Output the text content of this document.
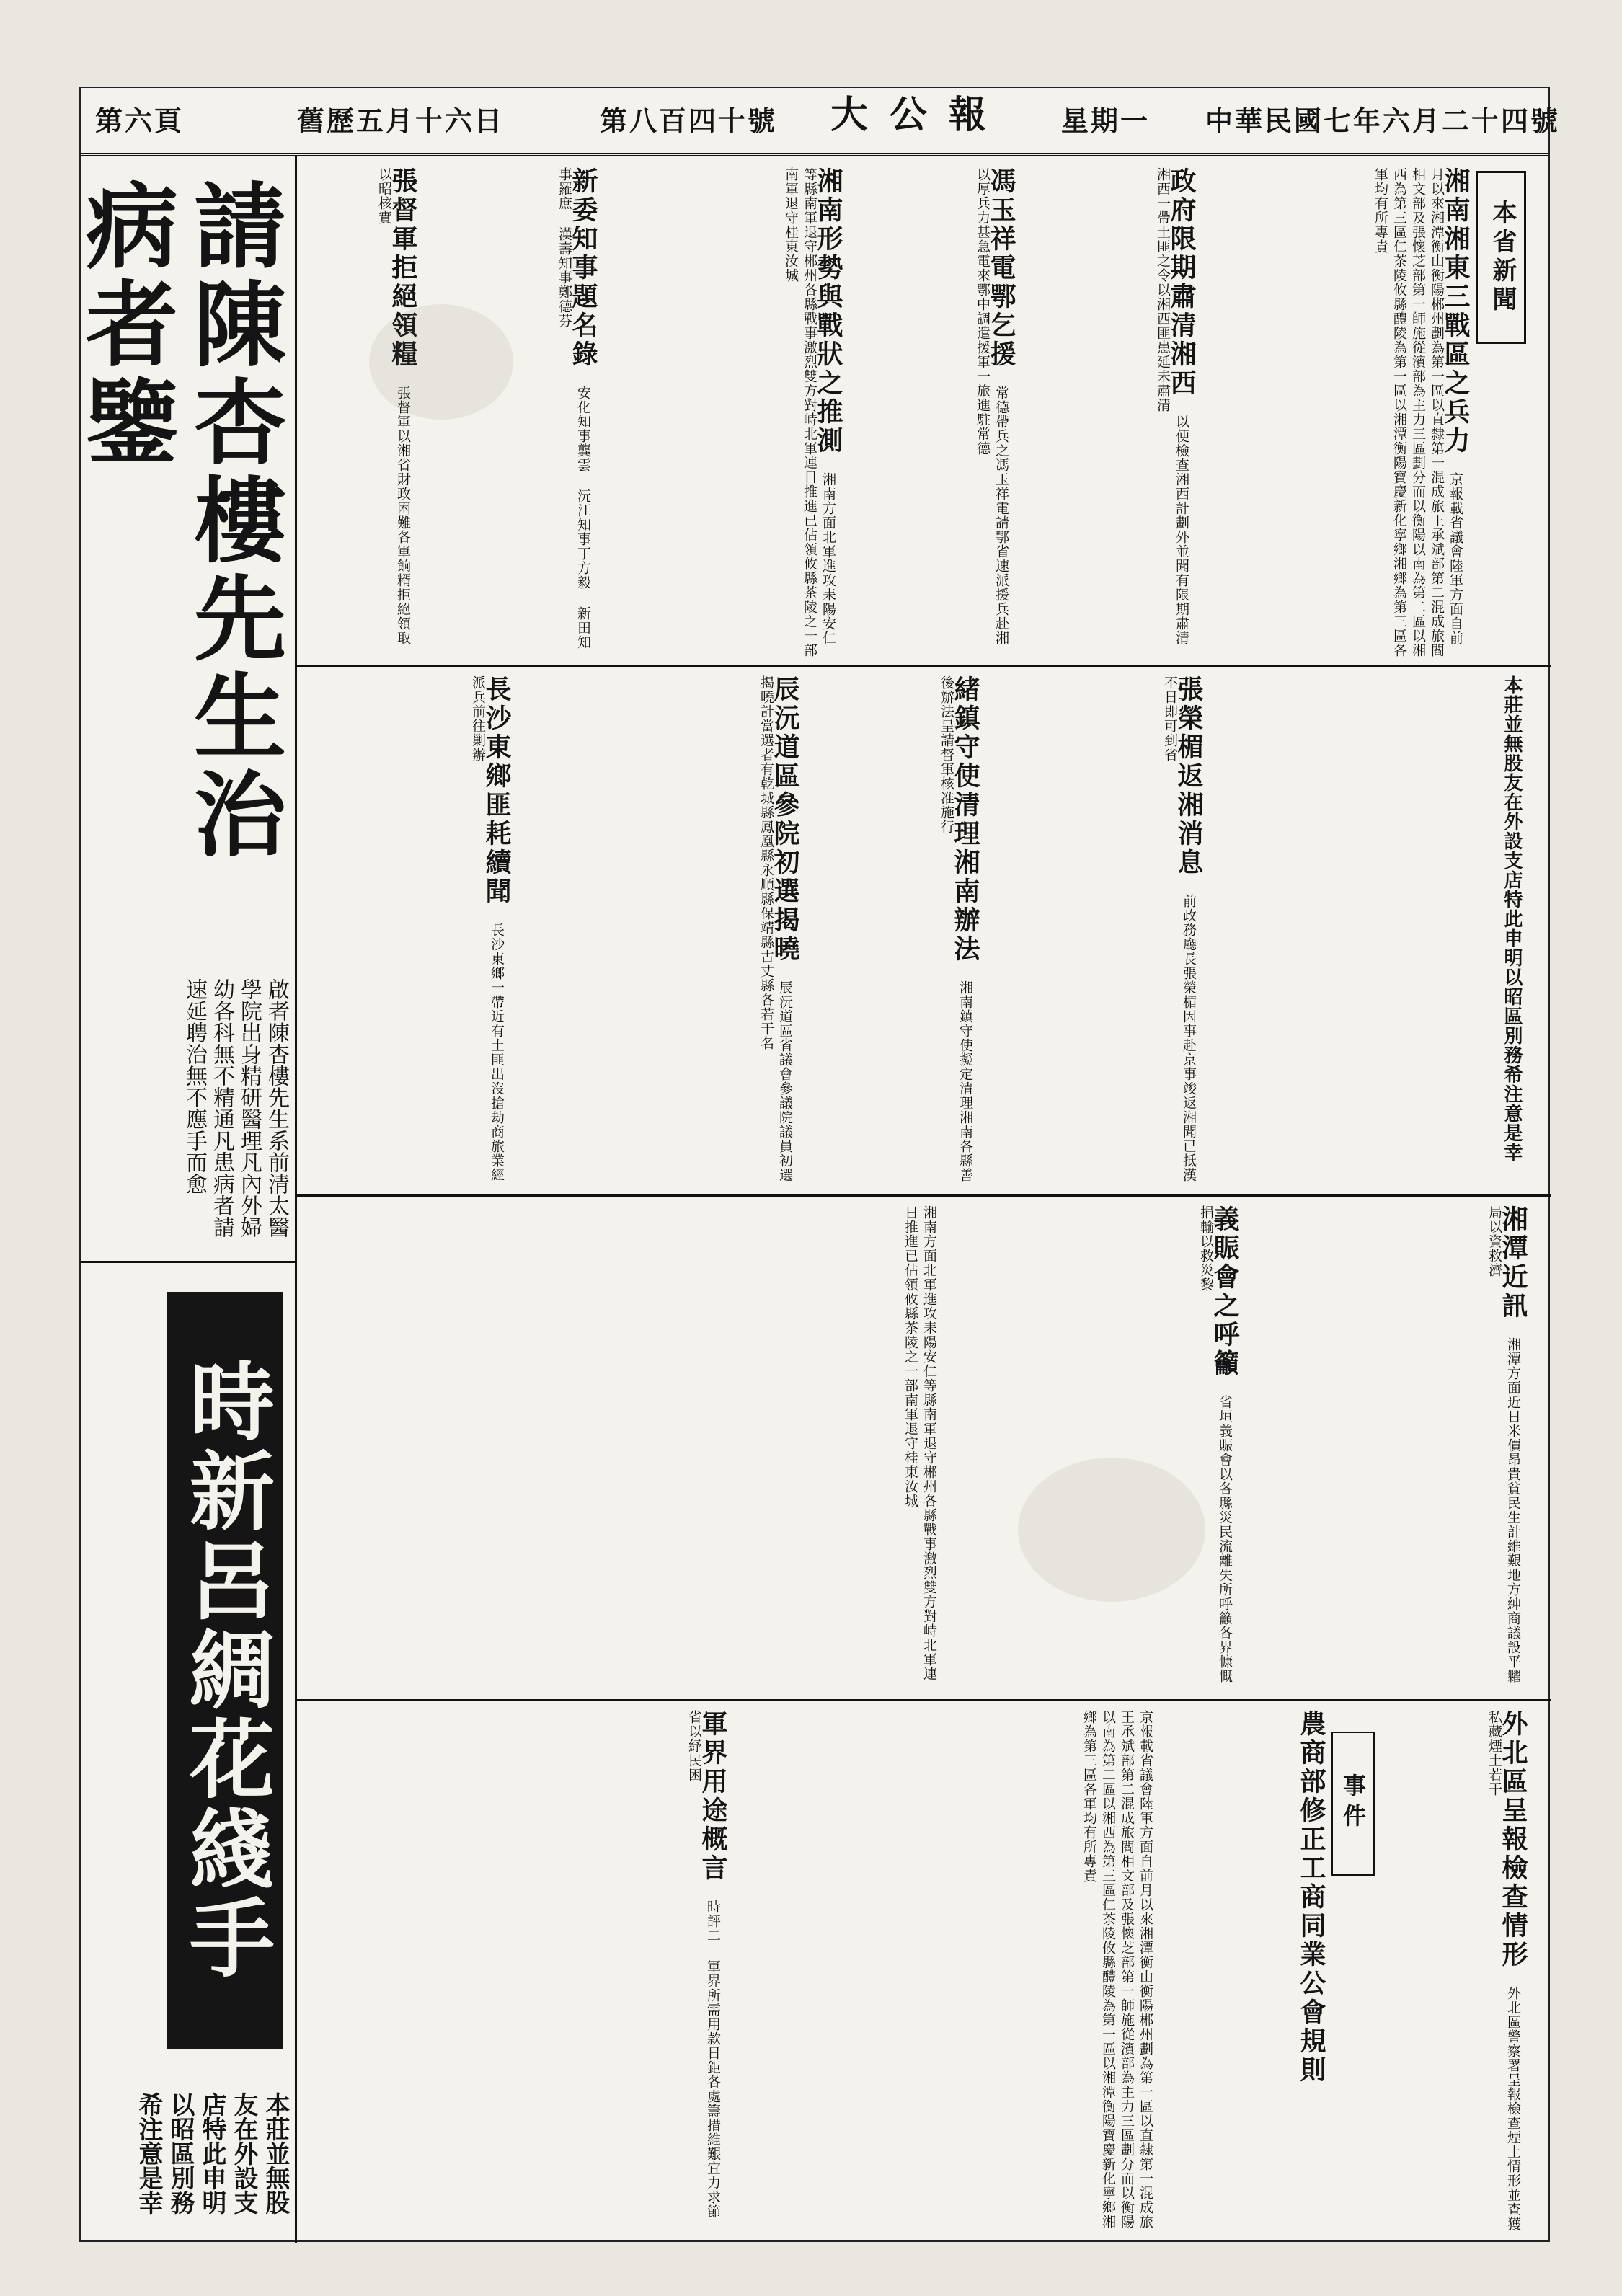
第六頁	舊歷五月十六日	第八百四十號 大公報 星期一 中華民國七年六月二十四號
請陳杏樓先生治病者鑒
啟者陳杏樓先生系前清太醫學院出身精研醫理凡內外婦幼各科無不精通凡患病者請速延聘治無不應手而愈
時新呂綢花綫手
本莊並無股友在外設支店特此申明以昭區別務希注意是幸
本省新聞
湘南湘東三戰區之兵力 京報載省議會陸軍方面自前月以來湘潭衡山衡陽郴州劃為第一區以直隸第一混成旅王承斌部第二混成旅閻相文部及張懷芝部第一師施從濱部為主力三區劃分而以衡陽以南為第二區以湘西為第三區仁茶陵攸縣醴陵為第一區以湘潭衡陽寶慶新化寧鄉湘鄉為第三區各軍均有所專責
政府限期肅清湘西 以便檢查湘西計劃外並聞有限期肅清湘西一帶土匪之令以湘西匪患延未肅清
馮玉祥電鄂乞援 常德帶兵之馮玉祥電請鄂省速派援兵赴湘以厚兵力甚急電來鄂中調遣援軍一旅進駐常德
湘南形勢與戰狀之推測 湘南方面北軍進攻耒陽安仁等縣南軍退守郴州各縣戰事激烈雙方對峙北軍連日推進已佔領攸縣茶陵之一部南軍退守桂東汝城
新委知事題名錄 安化知事龔雲 沅江知事丁方毅 新田知事羅庶 漢壽知事鄭德芬
張督軍拒絕領糧 張督軍以湘省財政困難各軍餉糈拒絕領取以昭核實
本莊並無股友在外設支店特此申明以昭區別務希注意是幸
張榮楣返湘消息 前政務廳長張榮楣因事赴京事竣返湘聞已抵漢不日即可到省
緒鎮守使清理湘南辦法 湘南鎮守使擬定清理湘南各縣善後辦法呈請督軍核准施行
辰沅道區參院初選揭曉 辰沅道區省議會參議院議員初選揭曉計當選者有乾城縣鳳凰縣永順縣保靖縣古丈縣各若干名
長沙東鄉匪耗續聞 長沙東鄉一帶近有土匪出沒搶劫商旅業經派兵前往剿辦
湘潭近訊 湘潭方面近日米價昂貴貧民生計維艱地方紳商議設平糶局以資救濟
義賑會之呼籲 省垣義賑會以各縣災民流離失所呼籲各界慷慨捐輸以救災黎
湘南方面北軍進攻耒陽安仁等縣南軍退守郴州各縣戰事激烈雙方對峙北軍連日推進已佔領攸縣茶陵之一部南軍退守桂東汝城
外北區呈報檢查情形 外北區警察署呈報檢查煙土情形並查獲私藏煙土若干
事件
農商部修正工商同業公會規則
京報載省議會陸軍方面自前月以來湘潭衡山衡陽郴州劃為第一區以直隸第一混成旅王承斌部第二混成旅閻相文部及張懷芝部第一師施從濱部為主力三區劃分而以衡陽以南為第二區以湘西為第三區仁茶陵攸縣醴陵為第一區以湘潭衡陽寶慶新化寧鄉湘鄉為第三區各軍均有所專責
軍界用途概言 時評二 軍界所需用款日鉅各處籌措維艱宜力求節省以紓民困
